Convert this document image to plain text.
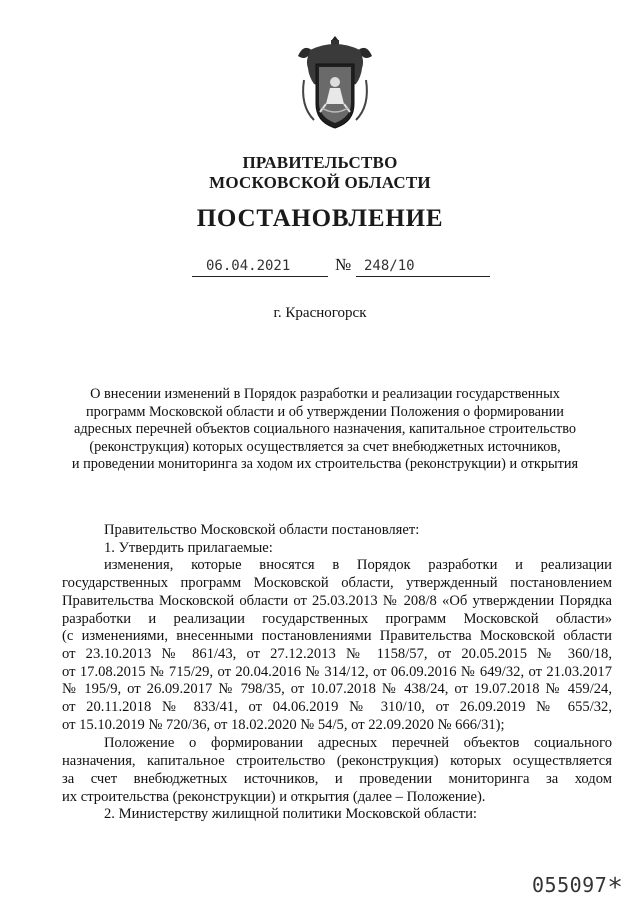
ПРАВИТЕЛЬСТВО
МОСКОВСКОЙ ОБЛАСТИ
ПОСТАНОВЛЕНИЕ
06.04.2021	№ 248/10
г. Красногорск
О внесении изменений в Порядок разработки и реализации государственных
программ Московской области и об утверждении Положения о формировании
адресных перечней объектов социального назначения, капитальное строительство
(реконструкция) которых осуществляется за счет внебюджетных источников,
и проведении мониторинга за ходом их строительства (реконструкции) и открытия
Правительство Московской области постановляет:
1. Утвердить прилагаемые:
изменения, которые вносятся в Порядок разработки и реализации
государственных программ Московской области, утвержденный постановлением
Правительства Московской области от 25.03.2013 № 208/8 «Об утверждении Порядка
разработки и реализации государственных программ Московской области»
(с изменениями, внесенными постановлениями Правительства Московской области
от 23.10.2013 № 861/43, от 27.12.2013 № 1158/57, от 20.05.2015 № 360/18,
от 17.08.2015 № 715/29, от 20.04.2016 № 314/12, от 06.09.2016 № 649/32, от 21.03.2017
№ 195/9, от 26.09.2017 № 798/35, от 10.07.2018 № 438/24, от 19.07.2018 № 459/24,
от 20.11.2018 № 833/41, от 04.06.2019 № 310/10, от 26.09.2019 № 655/32,
от 15.10.2019 № 720/36, от 18.02.2020 № 54/5, от 22.09.2020 № 666/31);
Положение о формировании адресных перечней объектов социального
назначения, капитальное строительство (реконструкция) которых осуществляется
за счет внебюджетных источников, и проведении мониторинга за ходом
их строительства (реконструкции) и открытия (далее – Положение).
2. Министерству жилищной политики Московской области:
055097*
